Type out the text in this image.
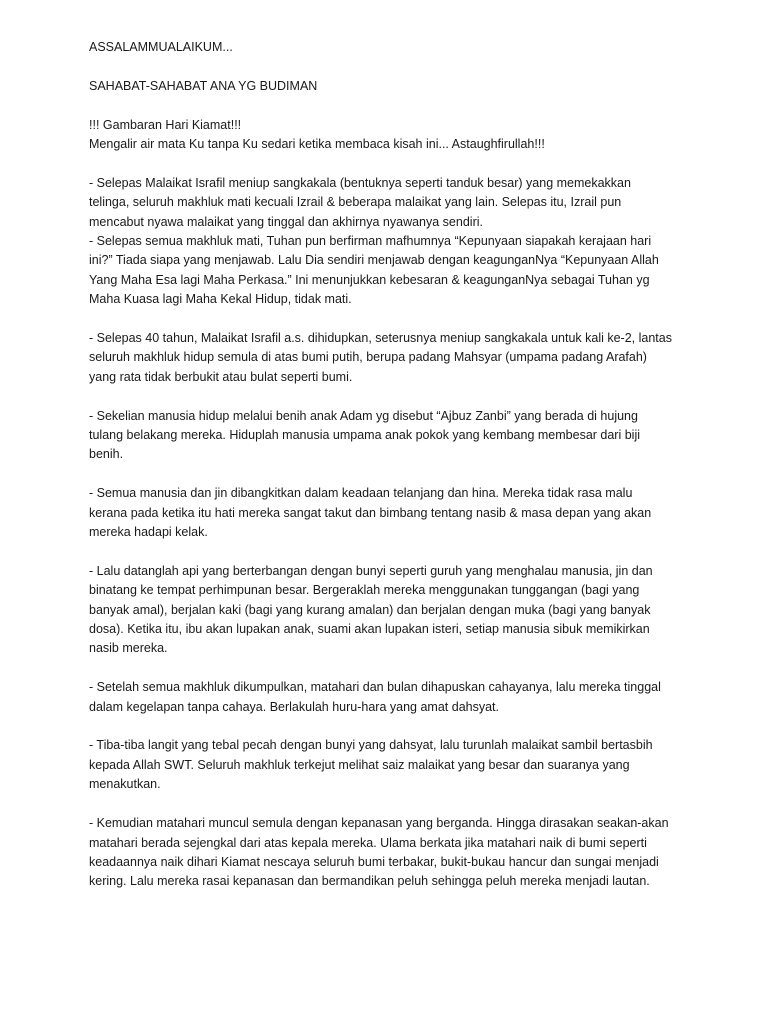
ASSALAMMUALAIKUM...

SAHABAT-SAHABAT ANA YG BUDIMAN

!!! Gambaran Hari Kiamat!!!
Mengalir air mata Ku tanpa Ku sedari ketika membaca kisah ini... Astaughfirullah!!!

- Selepas Malaikat Israfil meniup sangkakala (bentuknya seperti tanduk besar) yang memekakkan
telinga, seluruh makhluk mati kecuali Izrail & beberapa malaikat yang lain. Selepas itu, Izrail pun
mencabut nyawa malaikat yang tinggal dan akhirnya nyawanya sendiri.
- Selepas semua makhluk mati, Tuhan pun berfirman mafhumnya “Kepunyaan siapakah kerajaan hari
ini?” Tiada siapa yang menjawab. Lalu Dia sendiri menjawab dengan keagunganNya “Kepunyaan Allah
Yang Maha Esa lagi Maha Perkasa.” Ini menunjukkan kebesaran & keagunganNya sebagai Tuhan yg
Maha Kuasa lagi Maha Kekal Hidup, tidak mati.

- Selepas 40 tahun, Malaikat Israfil a.s. dihidupkan, seterusnya meniup sangkakala untuk kali ke-2, lantas
seluruh makhluk hidup semula di atas bumi putih, berupa padang Mahsyar (umpama padang Arafah)
yang rata tidak berbukit atau bulat seperti bumi.

- Sekelian manusia hidup melalui benih anak Adam yg disebut “Ajbuz Zanbi” yang berada di hujung
tulang belakang mereka. Hiduplah manusia umpama anak pokok yang kembang membesar dari biji
benih.

- Semua manusia dan jin dibangkitkan dalam keadaan telanjang dan hina. Mereka tidak rasa malu
kerana pada ketika itu hati mereka sangat takut dan bimbang tentang nasib & masa depan yang akan
mereka hadapi kelak.

- Lalu datanglah api yang berterbangan dengan bunyi seperti guruh yang menghalau manusia, jin dan
binatang ke tempat perhimpunan besar. Bergeraklah mereka menggunakan tunggangan (bagi yang
banyak amal), berjalan kaki (bagi yang kurang amalan) dan berjalan dengan muka (bagi yang banyak
dosa). Ketika itu, ibu akan lupakan anak, suami akan lupakan isteri, setiap manusia sibuk memikirkan
nasib mereka.

- Setelah semua makhluk dikumpulkan, matahari dan bulan dihapuskan cahayanya, lalu mereka tinggal
dalam kegelapan tanpa cahaya. Berlakulah huru-hara yang amat dahsyat.

- Tiba-tiba langit yang tebal pecah dengan bunyi yang dahsyat, lalu turunlah malaikat sambil bertasbih
kepada Allah SWT. Seluruh makhluk terkejut melihat saiz malaikat yang besar dan suaranya yang
menakutkan.

- Kemudian matahari muncul semula dengan kepanasan yang berganda. Hingga dirasakan seakan-akan
matahari berada sejengkal dari atas kepala mereka. Ulama berkata jika matahari naik di bumi seperti
keadaannya naik dihari Kiamat nescaya seluruh bumi terbakar, bukit-bukau hancur dan sungai menjadi
kering. Lalu mereka rasai kepanasan dan bermandikan peluh sehingga peluh mereka menjadi lautan.
